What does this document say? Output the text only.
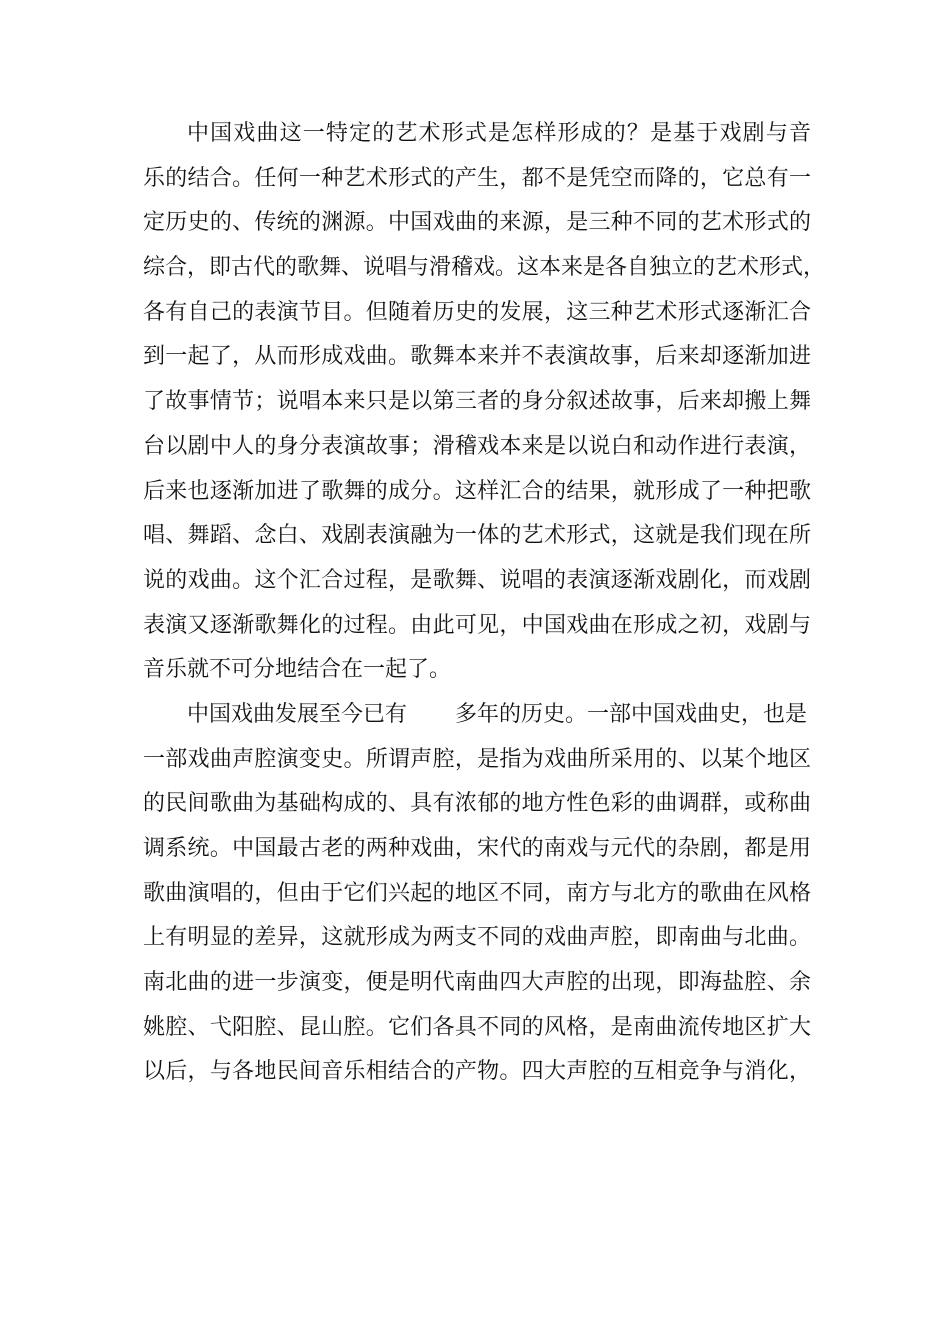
中国戏曲这一特定的艺术形式是怎样形成的？是基于戏剧与音
乐的结合。任何一种艺术形式的产生，都不是凭空而降的，它总有一
定历史的、传统的渊源。中国戏曲的来源，是三种不同的艺术形式的
综合，即古代的歌舞、说唱与滑稽戏。这本来是各自独立的艺术形式，
各有自己的表演节目。但随着历史的发展，这三种艺术形式逐渐汇合
到一起了，从而形成戏曲。歌舞本来并不表演故事，后来却逐渐加进
了故事情节；说唱本来只是以第三者的身分叙述故事，后来却搬上舞
台以剧中人的身分表演故事；滑稽戏本来是以说白和动作进行表演，
后来也逐渐加进了歌舞的成分。这样汇合的结果，就形成了一种把歌
唱、舞蹈、念白、戏剧表演融为一体的艺术形式，这就是我们现在所
说的戏曲。这个汇合过程，是歌舞、说唱的表演逐渐戏剧化，而戏剧
表演又逐渐歌舞化的过程。由此可见，中国戏曲在形成之初，戏剧与
音乐就不可分地结合在一起了。

中国戏曲发展至今已有 多年的历史。一部中国戏曲史，也是
一部戏曲声腔演变史。所谓声腔，是指为戏曲所采用的、以某个地区
的民间歌曲为基础构成的、具有浓郁的地方性色彩的曲调群，或称曲
调系统。中国最古老的两种戏曲，宋代的南戏与元代的杂剧，都是用
歌曲演唱的，但由于它们兴起的地区不同，南方与北方的歌曲在风格
上有明显的差异，这就形成为两支不同的戏曲声腔，即南曲与北曲。
南北曲的进一步演变，便是明代南曲四大声腔的出现，即海盐腔、余
姚腔、弋阳腔、昆山腔。它们各具不同的风格，是南曲流传地区扩大
以后，与各地民间音乐相结合的产物。四大声腔的互相竞争与消化，
